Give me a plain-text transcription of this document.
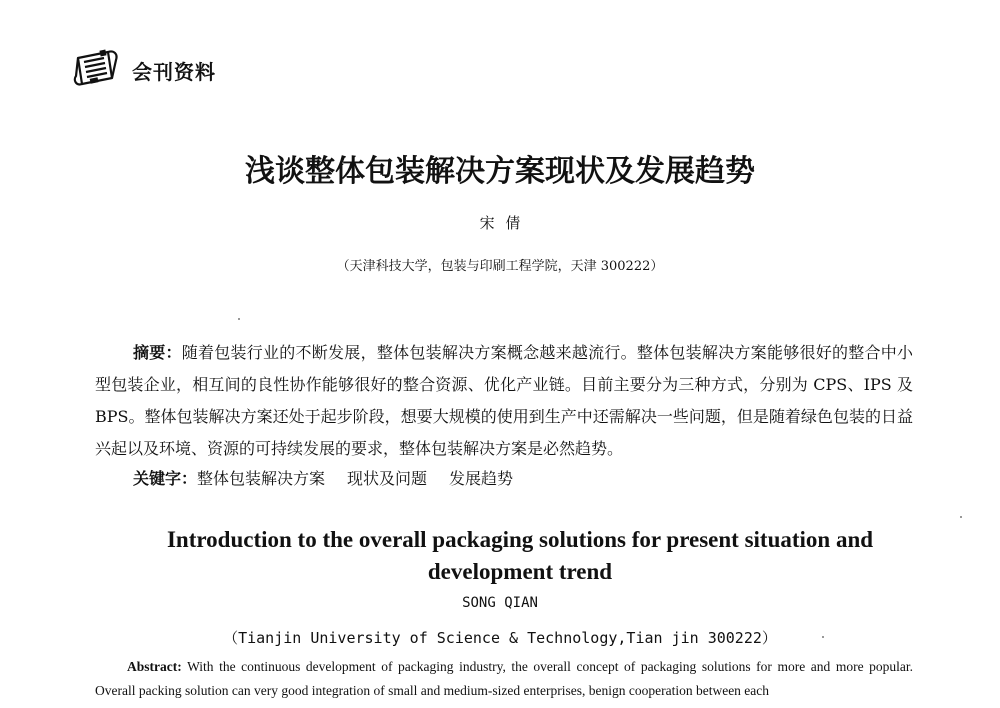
会刊资料
浅谈整体包装解决方案现状及发展趋势
宋 倩
（天津科技大学，包装与印刷工程学院，天津 300222）
摘要：随着包装行业的不断发展，整体包装解决方案概念越来越流行。整体包装解决方案能够很好的整合中小型包装企业，相互间的良性协作能够很好的整合资源、优化产业链。目前主要分为三种方式，分别为 CPS、IPS 及 BPS。整体包装解决方案还处于起步阶段，想要大规模的使用到生产中还需解决一些问题，但是随着绿色包装的日益兴起以及环境、资源的可持续发展的要求，整体包装解决方案是必然趋势。
关键字：整体包装解决方案 现状及问题 发展趋势
Introduction to the overall packaging solutions for present situation and development trend
SONG QIAN
（Tianjin University of Science & Technology,Tian jin 300222）
Abstract: With the continuous development of packaging industry, the overall concept of packaging solutions for more and more popular. Overall packing solution can very good integration of small and medium-sized enterprises, benign cooperation between each
